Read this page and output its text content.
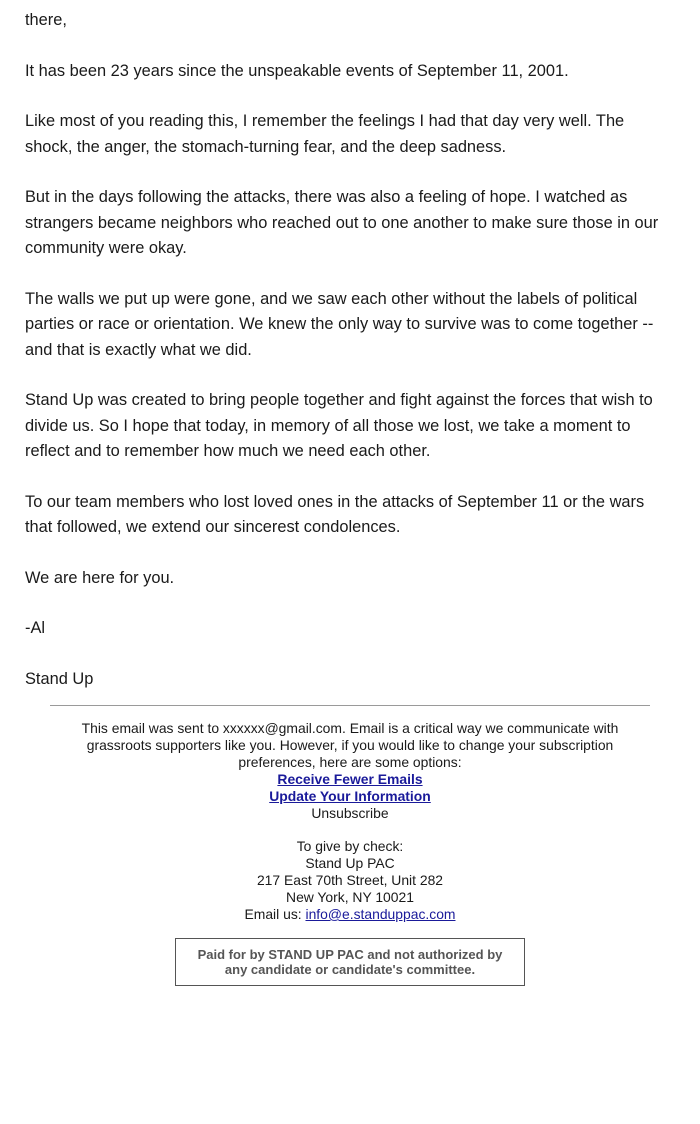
there,

It has been 23 years since the unspeakable events of September 11, 2001.

Like most of you reading this, I remember the feelings I had that day very well. The shock, the anger, the stomach-turning fear, and the deep sadness.

But in the days following the attacks, there was also a feeling of hope. I watched as strangers became neighbors who reached out to one another to make sure those in our community were okay.

The walls we put up were gone, and we saw each other without the labels of political parties or race or orientation. We knew the only way to survive was to come together -- and that is exactly what we did.

Stand Up was created to bring people together and fight against the forces that wish to divide us. So I hope that today, in memory of all those we lost, we take a moment to reflect and to remember how much we need each other.

To our team members who lost loved ones in the attacks of September 11 or the wars that followed, we extend our sincerest condolences.

We are here for you.

-Al

Stand Up

This email was sent to xxxxxx@gmail.com. Email is a critical way we communicate with grassroots supporters like you. However, if you would like to change your subscription preferences, here are some options:

Receive Fewer Emails

Update Your Information

Unsubscribe

To give by check:

Stand Up PAC

217 East 70th Street, Unit 282

New York, NY 10021

Email us: info@e.standuppac.com

Paid for by STAND UP PAC and not authorized by
any candidate or candidate's committee.
